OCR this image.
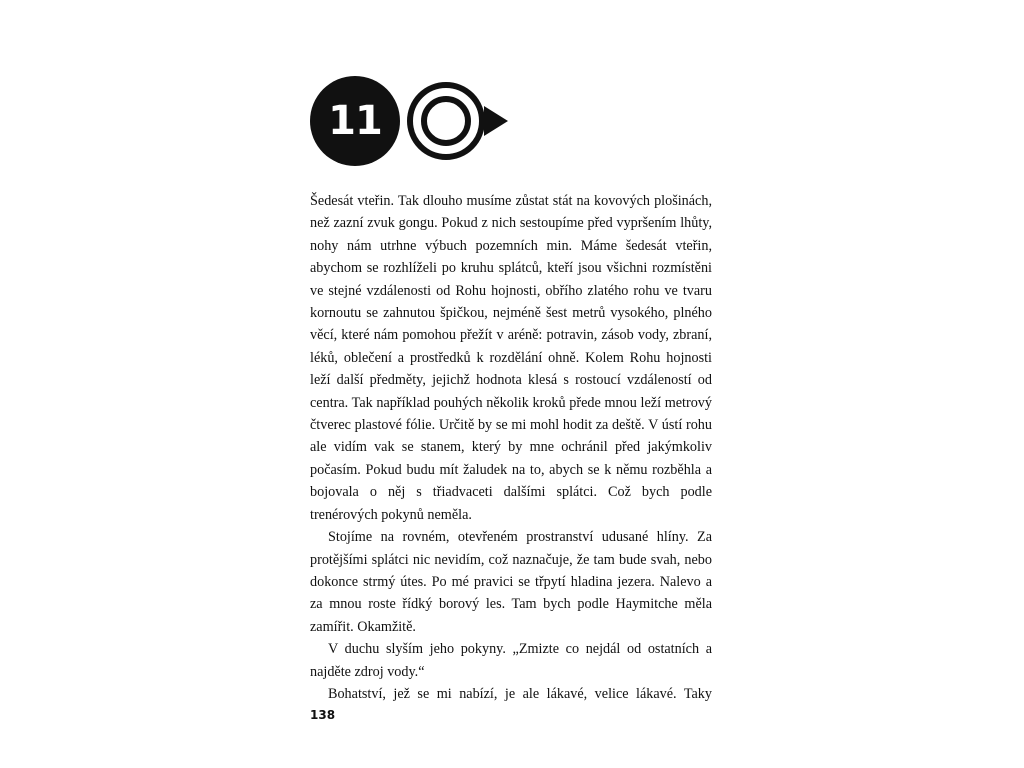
11

Šedesát vteřin. Tak dlouho musíme zůstat stát na kovových plošinách, než zazní zvuk gongu. Pokud z nich sestoupíme před vypršením lhůty, nohy nám utrhne výbuch pozemních min. Máme šedesát vteřin, abychom se rozhlíželi po kruhu splátců, kteří jsou všichni rozmístěni ve stejné vzdálenosti od Rohu hojnosti, obřího zlatého rohu ve tvaru kornoutu se zahnutou špičkou, nejméně šest metrů vysokého, plného věcí, které nám pomohou přežít v aréně: potravin, zásob vody, zbraní, léků, oblečení a prostředků k rozdělání ohně. Kolem Rohu hojnosti leží další předměty, jejichž hodnota klesá s rostoucí vzdáleností od centra. Tak například pouhých několik kroků přede mnou leží metrový čtverec plastové fólie. Určitě by se mi mohl hodit za deště. V ústí rohu ale vidím vak se stanem, který by mne ochránil před jakýmkoliv počasím. Pokud budu mít žaludek na to, abych se k němu rozběhla a bojovala o něj s třiadvaceti dalšími splátci. Což bych podle trenérových pokynů neměla.

Stojíme na rovném, otevřeném prostranství udusané hlíny. Za protějšími splátci nic nevidím, což naznačuje, že tam bude svah, nebo dokonce strmý útes. Po mé pravici se třpytí hladina jezera. Nalevo a za mnou roste řídký borový les. Tam bych podle Haymitche měla zamířit. Okamžitě.

V duchu slyším jeho pokyny. „Zmizte co nejdál od ostatních a najděte zdroj vody.“

Bohatství, jež se mi nabízí, je ale lákavé, velice lákavé. Taky

138
